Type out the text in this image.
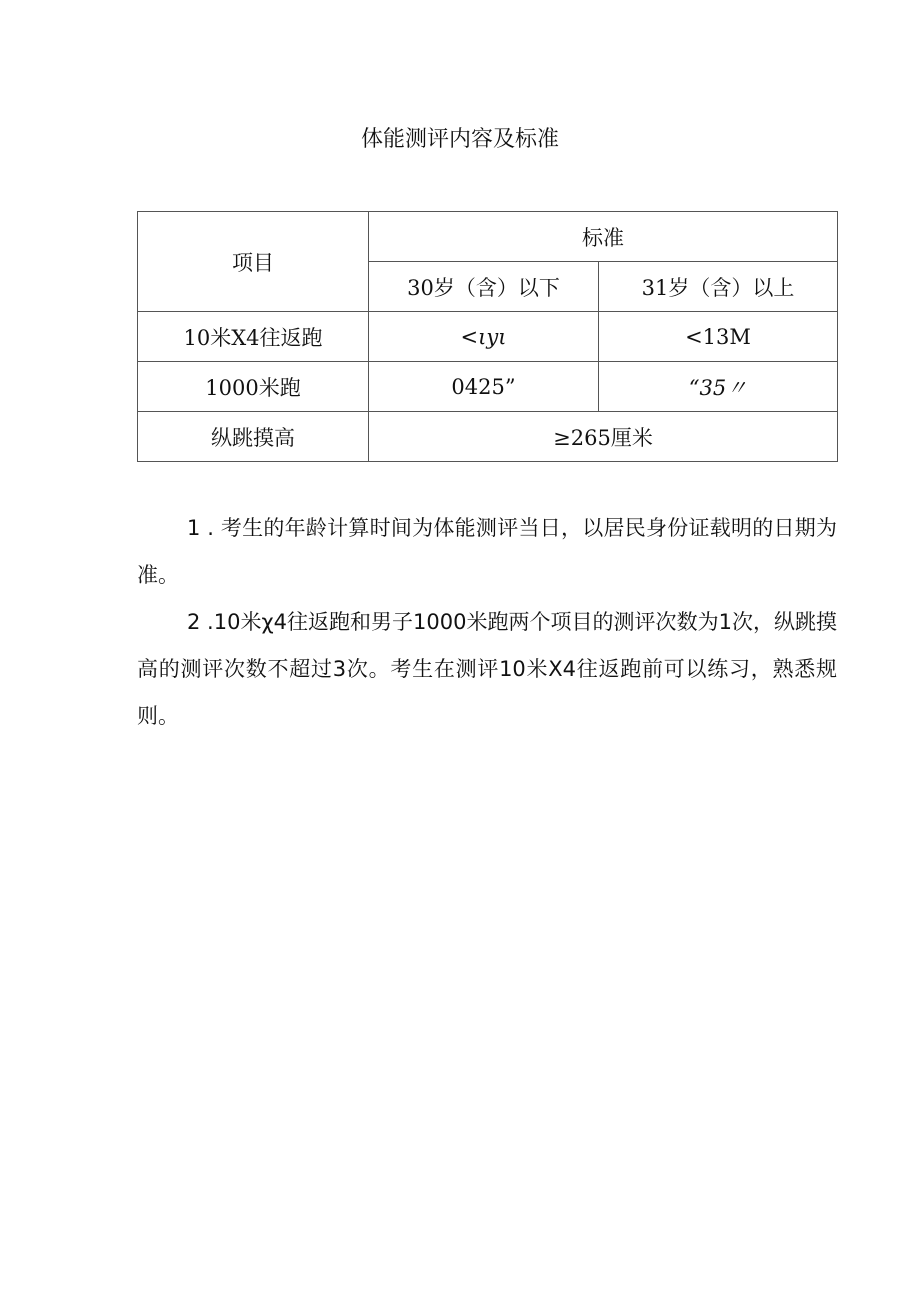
体能测评内容及标准
项目	标准	
	30岁（含）以下	31岁（含）以上
10米X4往返跑	<ιyι	<13M
1000米跑	0425”	“35〃
纵跳摸高	≥265厘米	

1 . 考生的年龄计算时间为体能测评当日，以居民身份证载明的日期为准。

2 .10米χ4往返跑和男子1000米跑两个项目的测评次数为1次，纵跳摸高的测评次数不超过3次。考生在测评10米X4往返跑前可以练习，熟悉规则。
